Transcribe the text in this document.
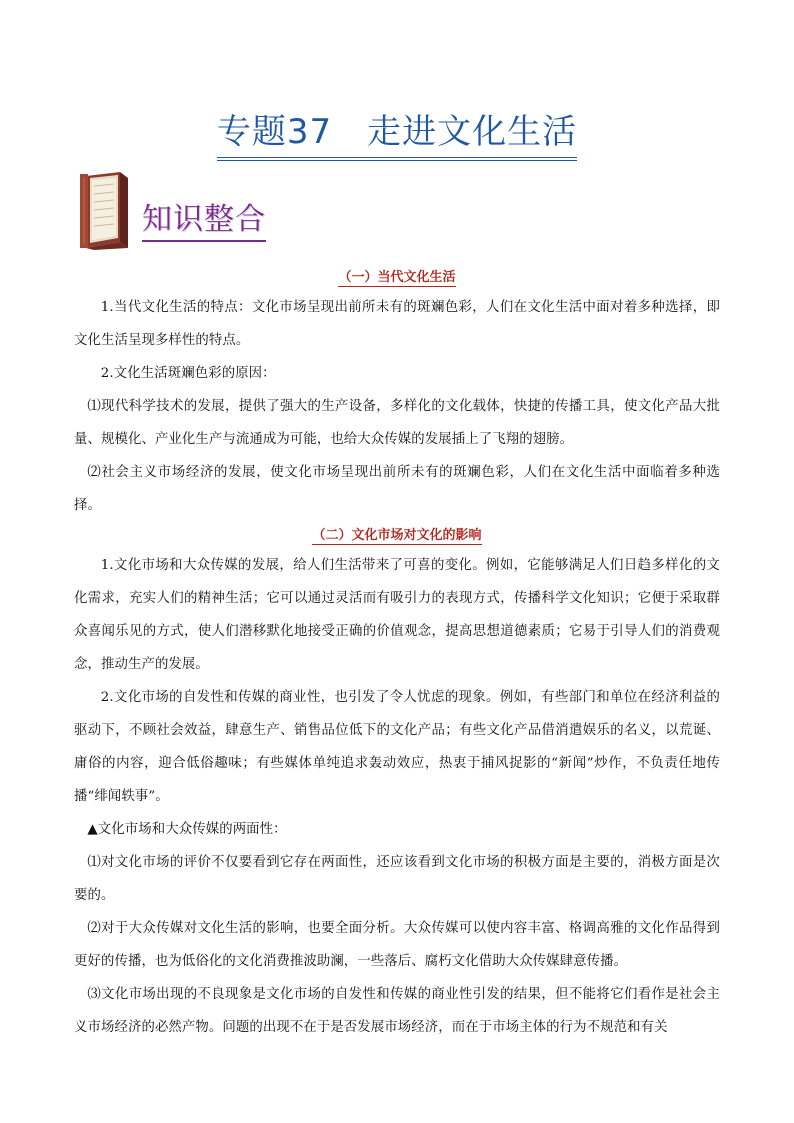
专题37　走进文化生活
知识整合
（一）当代文化生活

1.当代文化生活的特点：文化市场呈现出前所未有的斑斓色彩，人们在文化生活中面对着多种选择，即文化生活呈现多样性的特点。

2.文化生活斑斓色彩的原因：

⑴现代科学技术的发展，提供了强大的生产设备，多样化的文化载体，快捷的传播工具，使文化产品大批量、规模化、产业化生产与流通成为可能，也给大众传媒的发展插上了飞翔的翅膀。

⑵社会主义市场经济的发展，使文化市场呈现出前所未有的斑斓色彩，人们在文化生活中面临着多种选择。

（二）文化市场对文化的影响

1.文化市场和大众传媒的发展，给人们生活带来了可喜的变化。例如，它能够满足人们日趋多样化的文化需求，充实人们的精神生活；它可以通过灵活而有吸引力的表现方式，传播科学文化知识；它便于采取群众喜闻乐见的方式，使人们潜移默化地接受正确的价值观念，提高思想道德素质；它易于引导人们的消费观念，推动生产的发展。

2.文化市场的自发性和传媒的商业性，也引发了令人忧虑的现象。例如，有些部门和单位在经济利益的驱动下，不顾社会效益，肆意生产、销售品位低下的文化产品；有些文化产品借消遣娱乐的名义，以荒诞、庸俗的内容，迎合低俗趣味；有些媒体单纯追求轰动效应，热衷于捕风捉影的“新闻”炒作，不负责任地传播“绯闻轶事”。

▲文化市场和大众传媒的两面性：

⑴对文化市场的评价不仅要看到它存在两面性，还应该看到文化市场的积极方面是主要的，消极方面是次要的。

⑵对于大众传媒对文化生活的影响，也要全面分析。大众传媒可以使内容丰富、格调高雅的文化作品得到更好的传播，也为低俗化的文化消费推波助澜，一些落后、腐朽文化借助大众传媒肆意传播。

⑶文化市场出现的不良现象是文化市场的自发性和传媒的商业性引发的结果，但不能将它们看作是社会主义市场经济的必然产物。问题的出现不在于是否发展市场经济，而在于市场主体的行为不规范和有关
